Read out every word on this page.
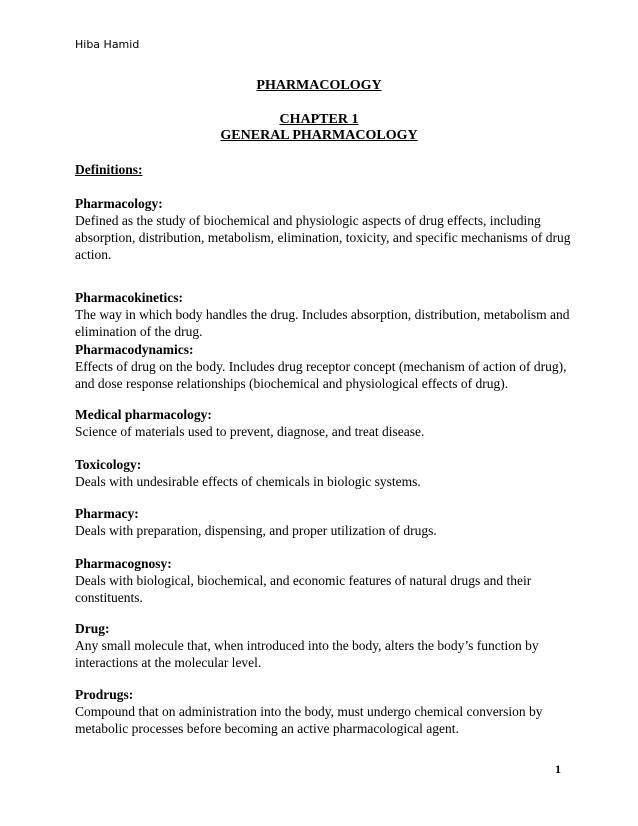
Hiba Hamid
PHARMACOLOGY
CHAPTER 1
GENERAL PHARMACOLOGY
Definitions:
Pharmacology:
Defined as the study of biochemical and physiologic aspects of drug effects, including absorption, distribution, metabolism, elimination, toxicity, and specific mechanisms of drug action.
Pharmacokinetics:
The way in which body handles the drug. Includes absorption, distribution, metabolism and elimination of the drug.
Pharmacodynamics:
Effects of drug on the body. Includes drug receptor concept (mechanism of action of drug), and dose response relationships (biochemical and physiological effects of drug).
Medical pharmacology:
Science of materials used to prevent, diagnose, and treat disease.
Toxicology:
Deals with undesirable effects of chemicals in biologic systems.
Pharmacy:
Deals with preparation, dispensing, and proper utilization of drugs.
Pharmacognosy:
Deals with biological, biochemical, and economic features of natural drugs and their constituents.
Drug:
Any small molecule that, when introduced into the body, alters the body’s function by interactions at the molecular level.
Prodrugs:
Compound that on administration into the body, must undergo chemical conversion by metabolic processes before becoming an active pharmacological agent.
1
